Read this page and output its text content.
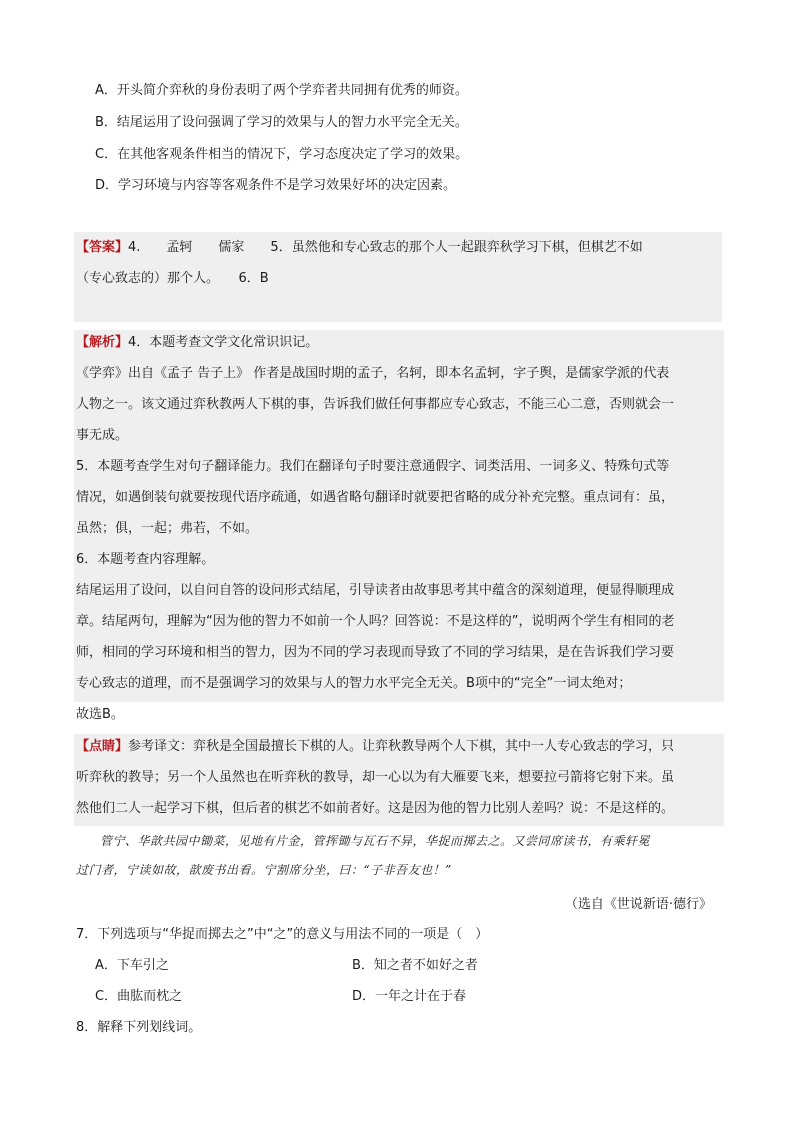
A．开头简介弈秋的身份表明了两个学弈者共同拥有优秀的师资。
B．结尾运用了设问强调了学习的效果与人的智力水平完全无关。
C．在其他客观条件相当的情况下，学习态度决定了学习的效果。
D．学习环境与内容等客观条件不是学习效果好坏的决定因素。
【答案】4.　　孟轲　　儒家　　5．虽然他和专心致志的那个人一起跟弈秋学习下棋，但棋艺不如
（专心致志的）那个人。　　6．B
【解析】4．本题考查文学文化常识识记。
《学弈》出自《孟子 告子上》 作者是战国时期的孟子，名轲，即本名孟轲，字子舆，是儒家学派的代表
人物之一。该文通过弈秋教两人下棋的事，告诉我们做任何事都应专心致志，不能三心二意，否则就会一
事无成。
5．本题考查学生对句子翻译能力。我们在翻译句子时要注意通假字、词类活用、一词多义、特殊句式等
情况，如遇倒装句就要按现代语序疏通，如遇省略句翻译时就要把省略的成分补充完整。重点词有：虽，
虽然；俱，一起；弗若，不如。
6．本题考查内容理解。
结尾运用了设问，以自问自答的设问形式结尾，引导读者由故事思考其中蕴含的深刻道理，便显得顺理成
章。结尾两句，理解为“因为他的智力不如前一个人吗？回答说：不是这样的”，说明两个学生有相同的老
师，相同的学习环境和相当的智力，因为不同的学习表现而导致了不同的学习结果，是在告诉我们学习要
专心致志的道理，而不是强调学习的效果与人的智力水平完全无关。B项中的“完全”一词太绝对；
故选B。
【点睛】参考译文：弈秋是全国最擅长下棋的人。让弈秋教导两个人下棋，其中一人专心致志的学习，只
听弈秋的教导；另一个人虽然也在听弈秋的教导，却一心以为有大雁要飞来，想要拉弓箭将它射下来。虽
然他们二人一起学习下棋，但后者的棋艺不如前者好。这是因为他的智力比别人差吗？说：不是这样的。
管宁、华歆共园中锄菜，见地有片金，管挥锄与瓦石不异，华捉而掷去之。又尝同席读书，有乘轩冕
过门者，宁读如故，歆废书出看。宁割席分坐，曰：“子非吾友也！”
（选自《世说新语·德行》
7．下列选项与“华捉而掷去之”中“之”的意义与用法不同的一项是（　）
A．下车引之	B．知之者不如好之者
C．曲肱而枕之	D．一年之计在于春
8．解释下列划线词。
